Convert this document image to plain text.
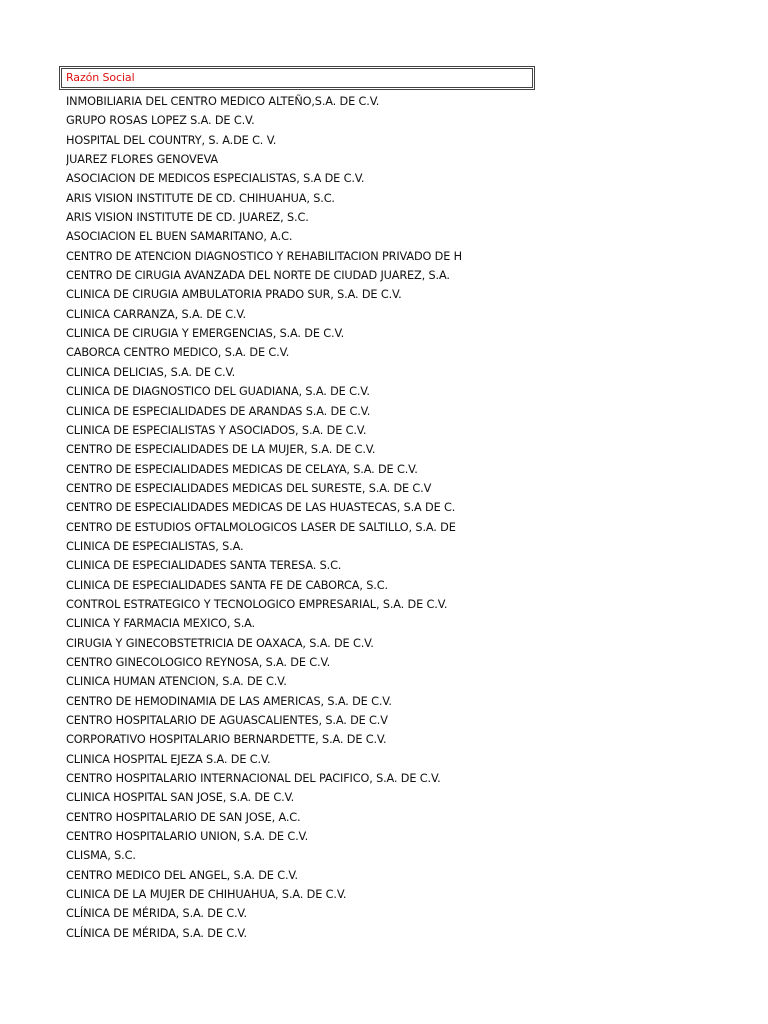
Razón Social
INMOBILIARIA DEL CENTRO MEDICO ALTEÑO,S.A. DE C.V.
GRUPO ROSAS LOPEZ S.A. DE C.V.
HOSPITAL DEL COUNTRY, S. A.DE C. V.
JUAREZ FLORES GENOVEVA
ASOCIACION DE MEDICOS ESPECIALISTAS, S.A DE C.V.
ARIS VISION INSTITUTE DE CD. CHIHUAHUA, S.C.
ARIS VISION INSTITUTE DE CD. JUAREZ, S.C.
ASOCIACION EL BUEN SAMARITANO, A.C.
CENTRO DE ATENCION DIAGNOSTICO Y REHABILITACION PRIVADO DE H
CENTRO DE CIRUGIA AVANZADA DEL NORTE DE CIUDAD JUAREZ, S.A.
CLINICA DE CIRUGIA AMBULATORIA PRADO SUR, S.A. DE C.V.
CLINICA CARRANZA, S.A. DE C.V.
CLINICA DE CIRUGIA Y EMERGENCIAS, S.A. DE C.V.
CABORCA CENTRO MEDICO, S.A. DE C.V.
CLINICA DELICIAS, S.A. DE C.V.
CLINICA DE DIAGNOSTICO DEL GUADIANA, S.A. DE C.V.
CLINICA DE ESPECIALIDADES DE ARANDAS S.A. DE C.V.
CLINICA DE ESPECIALISTAS Y ASOCIADOS, S.A. DE C.V.
CENTRO DE ESPECIALIDADES DE LA MUJER, S.A. DE C.V.
CENTRO DE ESPECIALIDADES MEDICAS DE CELAYA, S.A. DE C.V.
CENTRO DE ESPECIALIDADES MEDICAS DEL SURESTE, S.A. DE C.V
CENTRO DE ESPECIALIDADES MEDICAS DE LAS HUASTECAS, S.A DE C.
CENTRO DE ESTUDIOS OFTALMOLOGICOS LASER DE SALTILLO, S.A. DE
CLINICA DE ESPECIALISTAS, S.A.
CLINICA DE ESPECIALIDADES SANTA TERESA. S.C.
CLINICA DE ESPECIALIDADES SANTA FE DE CABORCA, S.C.
CONTROL ESTRATEGICO Y TECNOLOGICO EMPRESARIAL, S.A. DE C.V.
CLINICA Y FARMACIA MEXICO, S.A.
CIRUGIA Y GINECOBSTETRICIA DE OAXACA, S.A. DE C.V.
CENTRO GINECOLOGICO REYNOSA, S.A. DE C.V.
CLINICA HUMAN ATENCION, S.A. DE C.V.
CENTRO DE HEMODINAMIA DE LAS AMERICAS, S.A. DE C.V.
CENTRO HOSPITALARIO DE AGUASCALIENTES, S.A. DE C.V
CORPORATIVO HOSPITALARIO BERNARDETTE, S.A. DE C.V.
CLINICA HOSPITAL EJEZA S.A. DE C.V.
CENTRO HOSPITALARIO INTERNACIONAL DEL PACIFICO, S.A. DE C.V.
CLINICA HOSPITAL SAN JOSE, S.A. DE C.V.
CENTRO HOSPITALARIO DE SAN JOSE, A.C.
CENTRO HOSPITALARIO UNION, S.A. DE C.V.
CLISMA, S.C.
CENTRO MEDICO DEL ANGEL, S.A. DE C.V.
CLINICA DE LA MUJER DE CHIHUAHUA, S.A. DE C.V.
CLÍNICA DE MÉRIDA, S.A. DE C.V.
CLÍNICA DE MÉRIDA, S.A. DE C.V.
